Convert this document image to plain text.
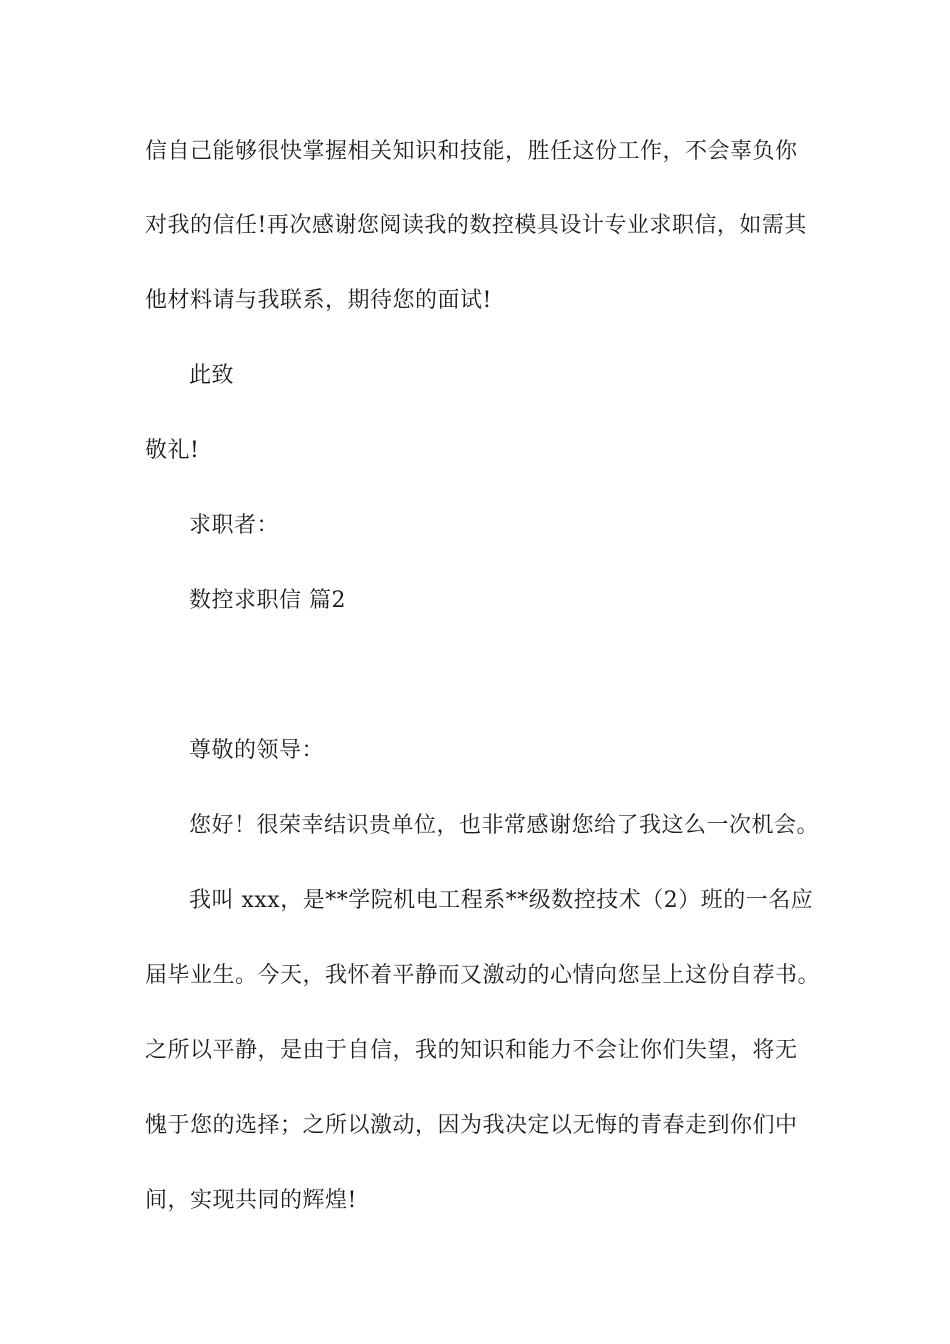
信自己能够很快掌握相关知识和技能，胜任这份工作，不会辜负你
对我的信任!再次感谢您阅读我的数控模具设计专业求职信，如需其
他材料请与我联系，期待您的面试!
此致
敬礼!
求职者：
数控求职信 篇2
尊敬的领导：
您好！很荣幸结识贵单位，也非常感谢您给了我这么一次机会。
我叫 xxx，是**学院机电工程系**级数控技术（2）班的一名应
届毕业生。今天，我怀着平静而又激动的心情向您呈上这份自荐书。
之所以平静，是由于自信，我的知识和能力不会让你们失望，将无
愧于您的选择；之所以激动，因为我决定以无悔的青春走到你们中
间，实现共同的辉煌!
